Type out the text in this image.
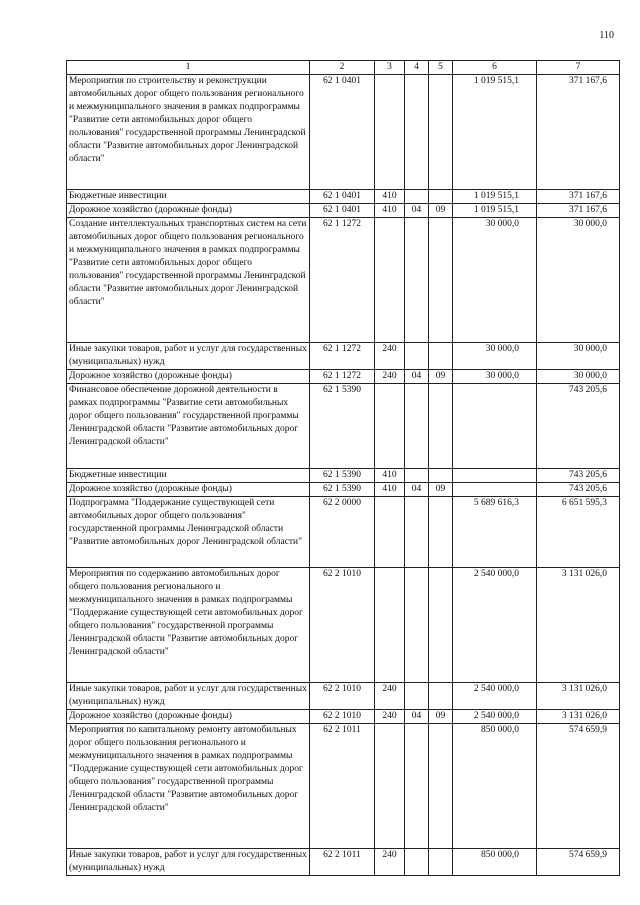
110
1	2	3	4	5	6	7
Мероприятия по строительству и реконструкции автомобильных дорог общего пользования регионального и межмуниципального значения в рамках подпрограммы "Развитие сети автомобильных дорог общего пользования" государственной программы Ленинградской области "Развитие автомобильных дорог Ленинградской области"	62 1 0401				1 019 515,1	371 167,6
Бюджетные инвестиции	62 1 0401	410			1 019 515,1	371 167,6
Дорожное хозяйство (дорожные фонды)	62 1 0401	410	04	09	1 019 515,1	371 167,6
Создание интеллектуальных транспортных систем на сети автомобильных дорог общего пользования регионального и межмуниципального значения в рамках подпрограммы "Развитие сети автомобильных дорог общего пользования" государственной программы Ленинградской области "Развитие автомобильных дорог Ленинградской области"	62 1 1272				30 000,0	30 000,0
Иные закупки товаров, работ и услуг для государственных (муниципальных) нужд	62 1 1272	240			30 000,0	30 000,0
Дорожное хозяйство (дорожные фонды)	62 1 1272	240	04	09	30 000,0	30 000,0
Финансовое обеспечение дорожной деятельности в рамках подпрограммы "Развитие сети автомобильных дорог общего пользования" государственной программы Ленинградской области "Развитие автомобильных дорог Ленинградской области"	62 1 5390					743 205,6
Бюджетные инвестиции	62 1 5390	410				743 205,6
Дорожное хозяйство (дорожные фонды)	62 1 5390	410	04	09		743 205,6
Подпрограмма "Поддержание существующей сети автомобильных дорог общего пользования" государственной программы Ленинградской области "Развитие автомобильных дорог Ленинградской области"	62 2 0000				5 689 616,3	6 651 595,3
Мероприятия по содержанию автомобильных дорог общего пользования регионального и межмуниципального значения в рамках подпрограммы "Поддержание существующей сети автомобильных дорог общего пользования" государственной программы Ленинградской области "Развитие автомобильных дорог Ленинградской области"	62 2 1010				2 540 000,0	3 131 026,0
Иные закупки товаров, работ и услуг для государственных (муниципальных) нужд	62 2 1010	240			2 540 000,0	3 131 026,0
Дорожное хозяйство (дорожные фонды)	62 2 1010	240	04	09	2 540 000,0	3 131 026,0
Мероприятия по капитальному ремонту автомобильных дорог общего пользования регионального и межмуниципального значения в рамках подпрограммы "Поддержание существующей сети автомобильных дорог общего пользования" государственной программы Ленинградской области "Развитие автомобильных дорог Ленинградской области"	62 2 1011				850 000,0	574 659,9
Иные закупки товаров, работ и услуг для государственных (муниципальных) нужд	62 2 1011	240			850 000,0	574 659,9
